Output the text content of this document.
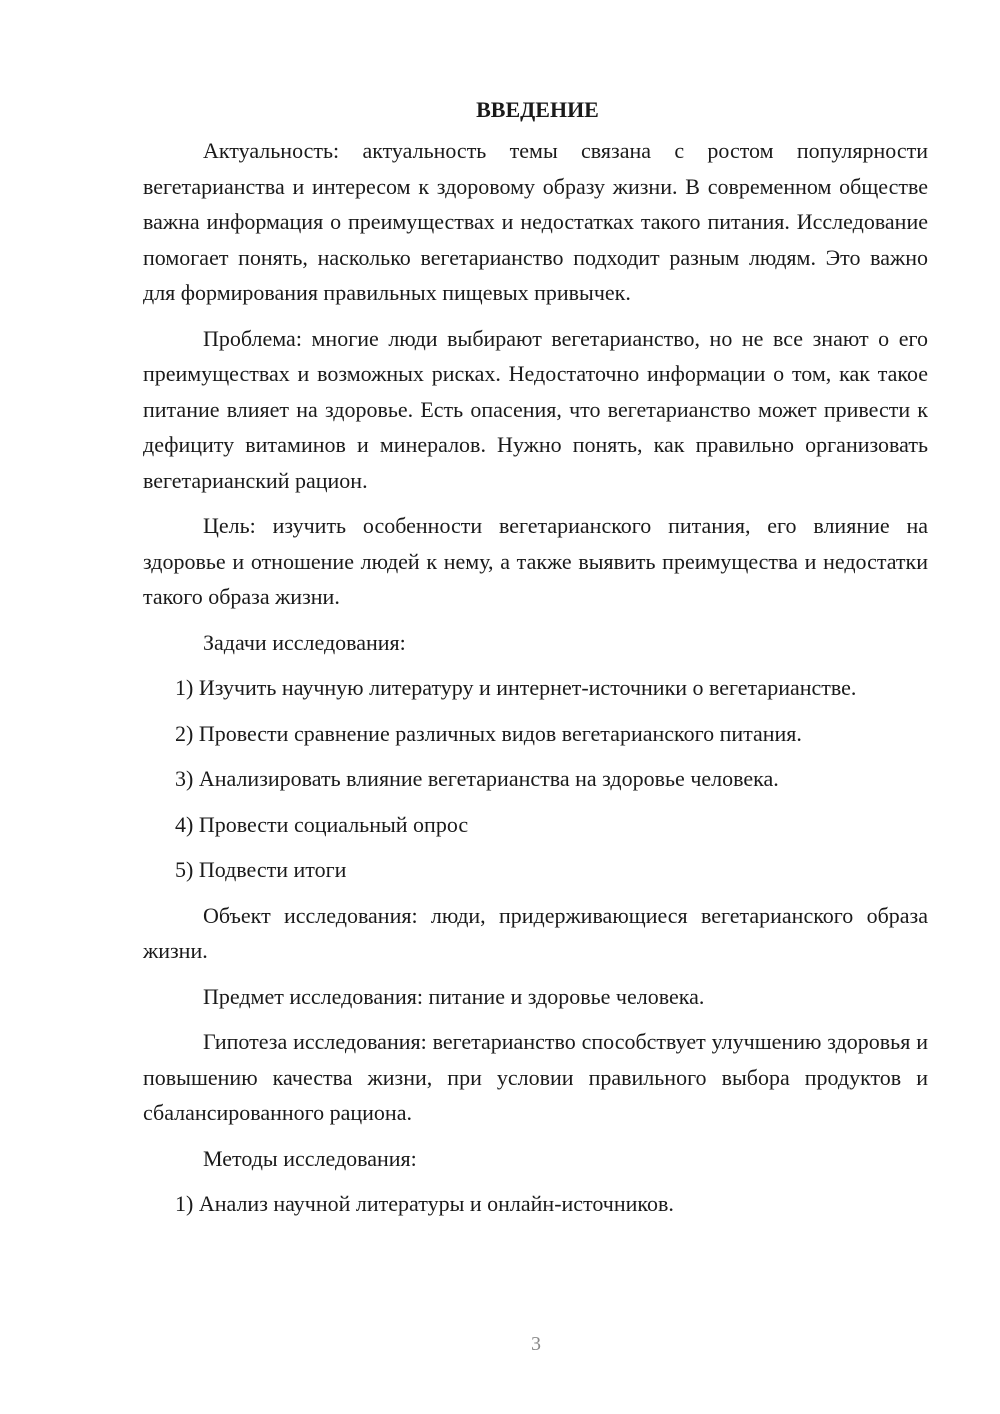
ВВЕДЕНИЕ

Актуальность: актуальность темы связана с ростом популярности вегетарианства и интересом к здоровому образу жизни. В современном обществе важна информация о преимуществах и недостатках такого питания. Исследование помогает понять, насколько вегетарианство подходит разным людям. Это важно для формирования правильных пищевых привычек.

Проблема: многие люди выбирают вегетарианство, но не все знают о его преимуществах и возможных рисках. Недостаточно информации о том, как такое питание влияет на здоровье. Есть опасения, что вегетарианство может привести к дефициту витаминов и минералов. Нужно понять, как правильно организовать вегетарианский рацион.

Цель: изучить особенности вегетарианского питания, его влияние на здоровье и отношение людей к нему, а также выявить преимущества и недостатки такого образа жизни.

Задачи исследования:

1) Изучить научную литературу и интернет-источники о вегетарианстве.

2) Провести сравнение различных видов вегетарианского питания.

3) Анализировать влияние вегетарианства на здоровье человека.

4) Провести социальный опрос

5) Подвести итоги

Объект исследования: люди, придерживающиеся вегетарианского образа жизни.

Предмет исследования: питание и здоровье человека.

Гипотеза исследования: вегетарианство способствует улучшению здоровья и повышению качества жизни, при условии правильного выбора продуктов и сбалансированного рациона.

Методы исследования:

1) Анализ научной литературы и онлайн-источников.

3
